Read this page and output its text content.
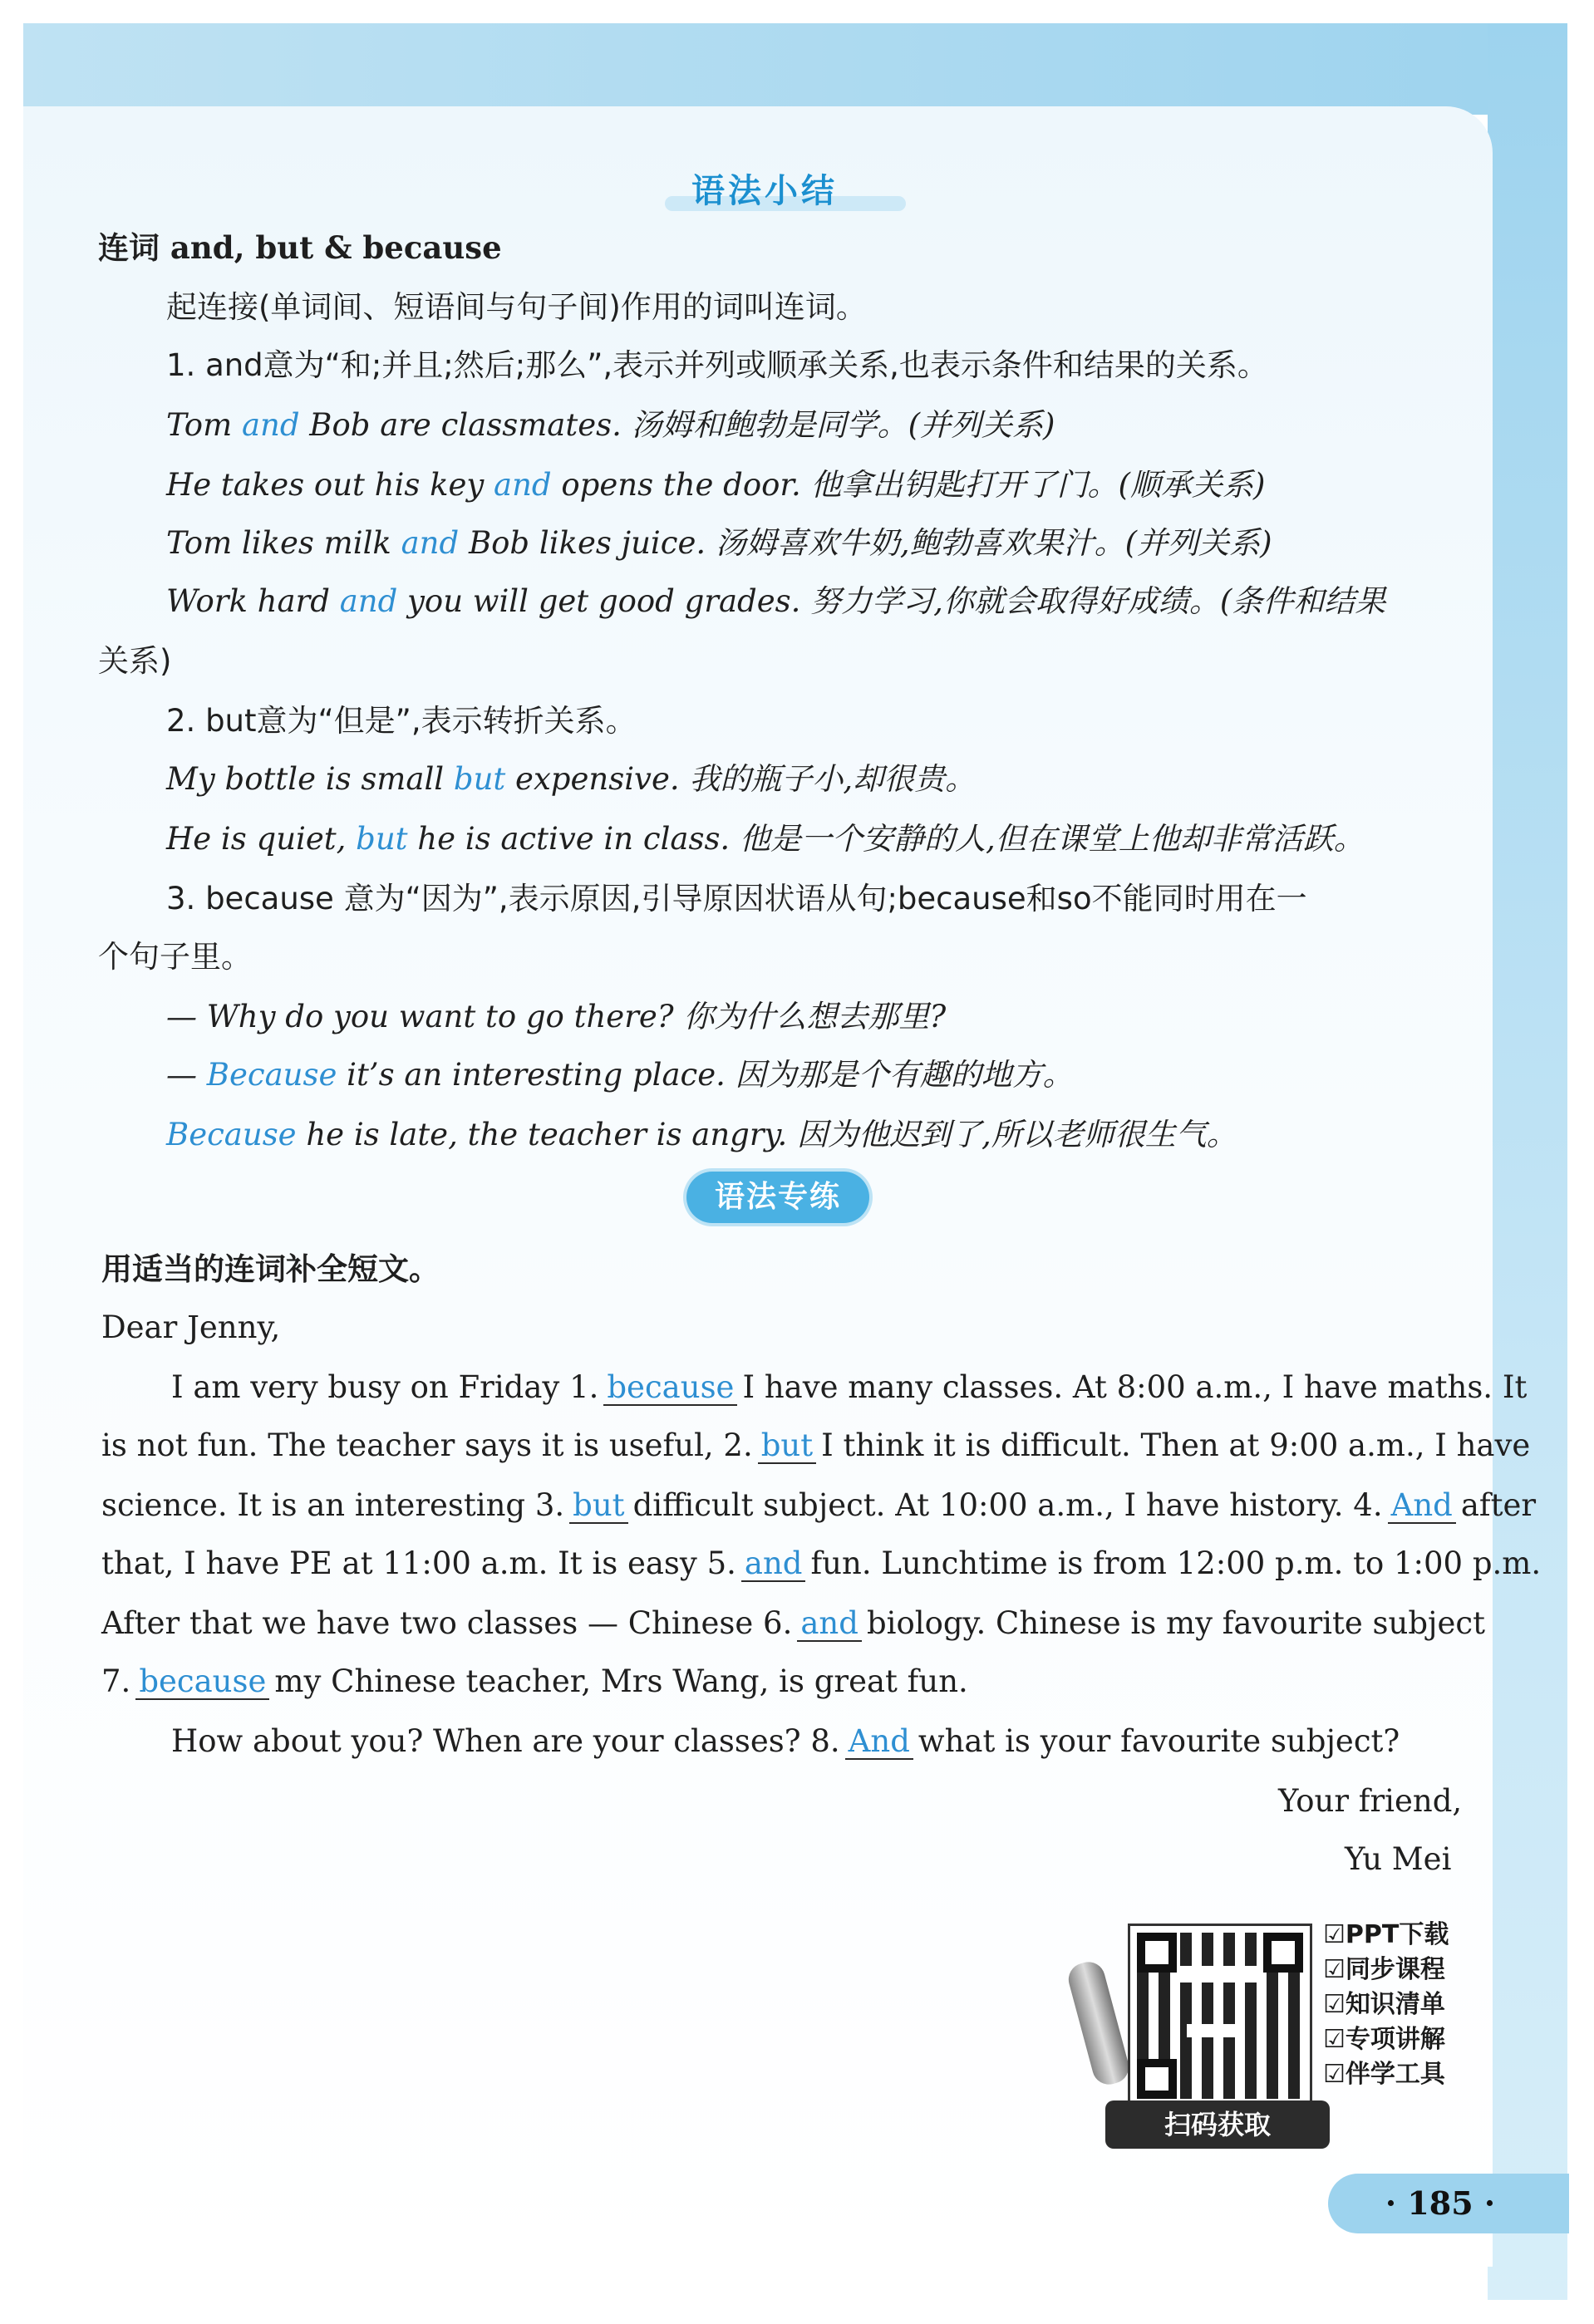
语法小结
连词 and, but & because
起连接(单词间、短语间与句子间)作用的词叫连词。
1. and意为“和;并且;然后;那么”,表示并列或顺承关系,也表示条件和结果的关系。
Tom and Bob are classmates. 汤姆和鲍勃是同学。(并列关系)
He takes out his key and opens the door. 他拿出钥匙打开了门。(顺承关系)
Tom likes milk and Bob likes juice. 汤姆喜欢牛奶,鲍勃喜欢果汁。(并列关系)
Work hard and you will get good grades. 努力学习,你就会取得好成绩。(条件和结果
关系)
2. but意为“但是”,表示转折关系。
My bottle is small but expensive. 我的瓶子小,却很贵。
He is quiet, but he is active in class. 他是一个安静的人,但在课堂上他却非常活跃。
3. because 意为“因为”,表示原因,引导原因状语从句;because和so不能同时用在一
个句子里。
— Why do you want to go there? 你为什么想去那里?
— Because it’s an interesting place. 因为那是个有趣的地方。
Because he is late, the teacher is angry. 因为他迟到了,所以老师很生气。
语法专练
用适当的连词补全短文。
Dear Jenny,
I am very busy on Friday 1. because I have many classes. At 8:00 a.m., I have maths. It
is not fun. The teacher says it is useful, 2. but I think it is difficult. Then at 9:00 a.m., I have
science. It is an interesting 3. but difficult subject. At 10:00 a.m., I have history. 4. And after
that, I have PE at 11:00 a.m. It is easy 5. and fun. Lunchtime is from 12:00 p.m. to 1:00 p.m.
After that we have two classes — Chinese 6. and biology. Chinese is my favourite subject
7. because my Chinese teacher, Mrs Wang, is great fun.
How about you? When are your classes? 8. And what is your favourite subject?
Your friend,
Yu Mei
☑PPT下载
☑同步课程
☑知识清单
☑专项讲解
☑伴学工具
扫码获取
· 185 ·
